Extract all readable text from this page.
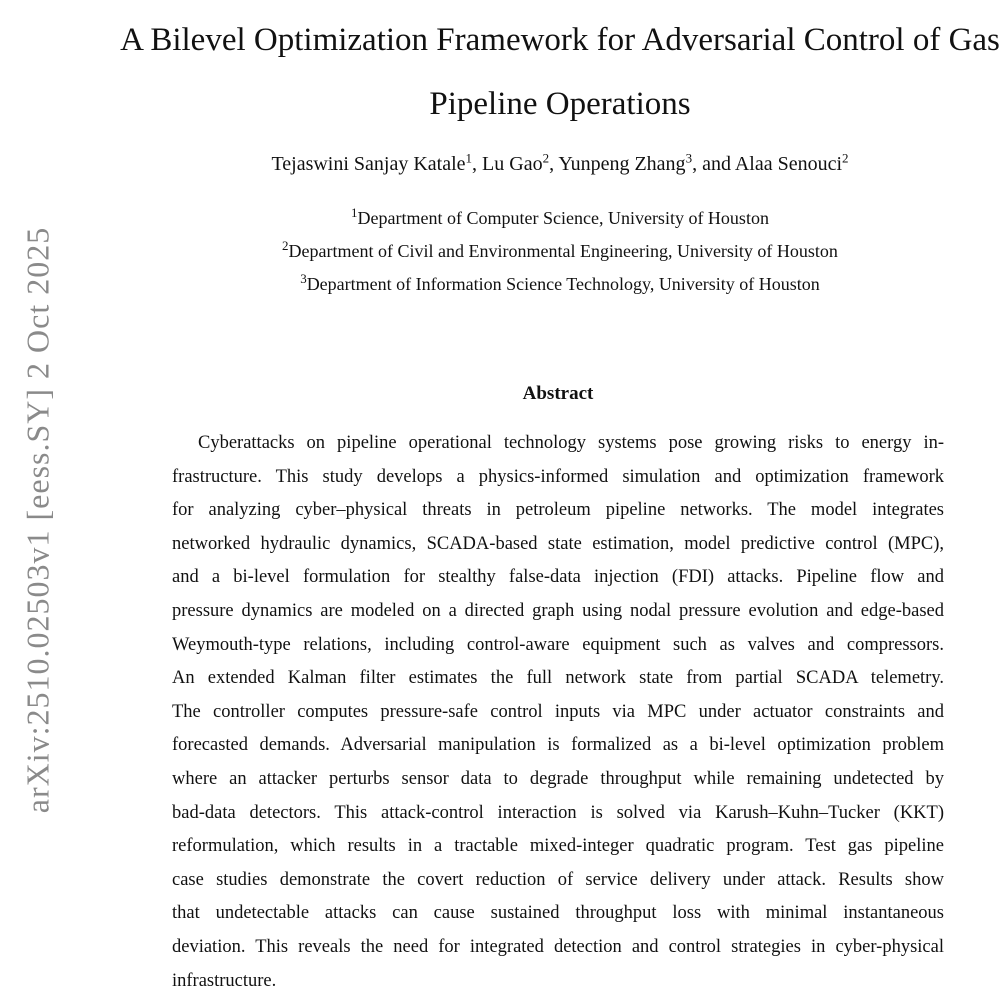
arXiv:2510.02503v1 [eess.SY] 2 Oct 2025
A Bilevel Optimization Framework for Adversarial Control of Gas
Pipeline Operations
Tejaswini Sanjay Katale$^1$, Lu Gao$^2$, Yunpeng Zhang$^3$, and Alaa Senouci$^2$
$^1$Department of Computer Science, University of Houston
$^2$Department of Civil and Environmental Engineering, University of Houston
$^3$Department of Information Science Technology, University of Houston
Abstract
Cyberattacks on pipeline operational technology systems pose growing risks to energy in-
frastructure. This study develops a physics-informed simulation and optimization framework
for analyzing cyber–physical threats in petroleum pipeline networks. The model integrates
networked hydraulic dynamics, SCADA-based state estimation, model predictive control (MPC),
and a bi-level formulation for stealthy false-data injection (FDI) attacks. Pipeline flow and
pressure dynamics are modeled on a directed graph using nodal pressure evolution and edge-based
Weymouth-type relations, including control-aware equipment such as valves and compressors.
An extended Kalman filter estimates the full network state from partial SCADA telemetry.
The controller computes pressure-safe control inputs via MPC under actuator constraints and
forecasted demands. Adversarial manipulation is formalized as a bi-level optimization problem
where an attacker perturbs sensor data to degrade throughput while remaining undetected by
bad-data detectors. This attack-control interaction is solved via Karush–Kuhn–Tucker (KKT)
reformulation, which results in a tractable mixed-integer quadratic program. Test gas pipeline
case studies demonstrate the covert reduction of service delivery under attack. Results show
that undetectable attacks can cause sustained throughput loss with minimal instantaneous
deviation. This reveals the need for integrated detection and control strategies in cyber-physical
infrastructure.
